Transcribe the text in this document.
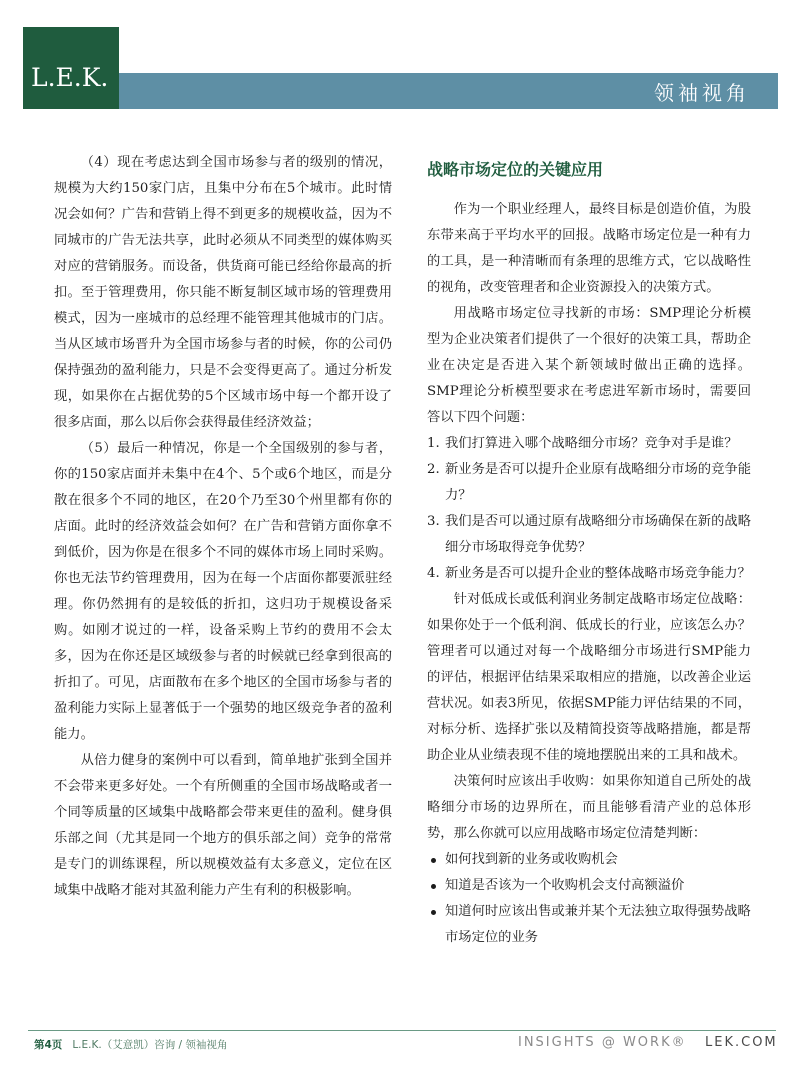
L.E.K.
领袖视角

（4）现在考虑达到全国市场参与者的级别的情况，规模为大约150家门店，且集中分布在5个城市。此时情况会如何？广告和营销上得不到更多的规模收益，因为不同城市的广告无法共享，此时必须从不同类型的媒体购买对应的营销服务。而设备，供货商可能已经给你最高的折扣。至于管理费用，你只能不断复制区域市场的管理费用模式，因为一座城市的总经理不能管理其他城市的门店。当从区域市场晋升为全国市场参与者的时候，你的公司仍保持强劲的盈利能力，只是不会变得更高了。通过分析发现，如果你在占据优势的5个区域市场中每一个都开设了很多店面，那么以后你会获得最佳经济效益；

（5）最后一种情况，你是一个全国级别的参与者，你的150家店面并未集中在4个、5个或6个地区，而是分散在很多个不同的地区，在20个乃至30个州里都有你的店面。此时的经济效益会如何？在广告和营销方面你拿不到低价，因为你是在很多个不同的媒体市场上同时采购。你也无法节约管理费用，因为在每一个店面你都要派驻经理。你仍然拥有的是较低的折扣，这归功于规模设备采购。如刚才说过的一样，设备采购上节约的费用不会太多，因为在你还是区域级参与者的时候就已经拿到很高的折扣了。可见，店面散布在多个地区的全国市场参与者的盈利能力实际上显著低于一个强势的地区级竞争者的盈利能力。

从倍力健身的案例中可以看到，简单地扩张到全国并不会带来更多好处。一个有所侧重的全国市场战略或者一个同等质量的区域集中战略都会带来更佳的盈利。健身俱乐部之间（尤其是同一个地方的俱乐部之间）竞争的常常是专门的训练课程，所以规模效益有太多意义，定位在区域集中战略才能对其盈利能力产生有利的积极影响。

战略市场定位的关键应用

作为一个职业经理人，最终目标是创造价值，为股东带来高于平均水平的回报。战略市场定位是一种有力的工具，是一种清晰而有条理的思维方式，它以战略性的视角，改变管理者和企业资源投入的决策方式。

用战略市场定位寻找新的市场：SMP理论分析模型为企业决策者们提供了一个很好的决策工具，帮助企业在决定是否进入某个新领域时做出正确的选择。SMP理论分析模型要求在考虑进军新市场时，需要回答以下四个问题：

1. 我们打算进入哪个战略细分市场？竞争对手是谁？
2. 新业务是否可以提升企业原有战略细分市场的竞争能力？
3. 我们是否可以通过原有战略细分市场确保在新的战略细分市场取得竞争优势？
4. 新业务是否可以提升企业的整体战略市场竞争能力？

针对低成长或低利润业务制定战略市场定位战略：如果你处于一个低利润、低成长的行业，应该怎么办？管理者可以通过对每一个战略细分市场进行SMP能力的评估，根据评估结果采取相应的措施，以改善企业运营状况。如表3所见，依据SMP能力评估结果的不同，对标分析、选择扩张以及精简投资等战略措施，都是帮助企业从业绩表现不佳的境地摆脱出来的工具和战术。

决策何时应该出手收购：如果你知道自己所处的战略细分市场的边界所在，而且能够看清产业的总体形势，那么你就可以应用战略市场定位清楚判断：

如何找到新的业务或收购机会
知道是否该为一个收购机会支付高额溢价
知道何时应该出售或兼并某个无法独立取得强势战略市场定位的业务
第4页 L.E.K.（艾意凯）咨询 / 领袖视角	INSIGHTS @ WORK® LEK.COM
